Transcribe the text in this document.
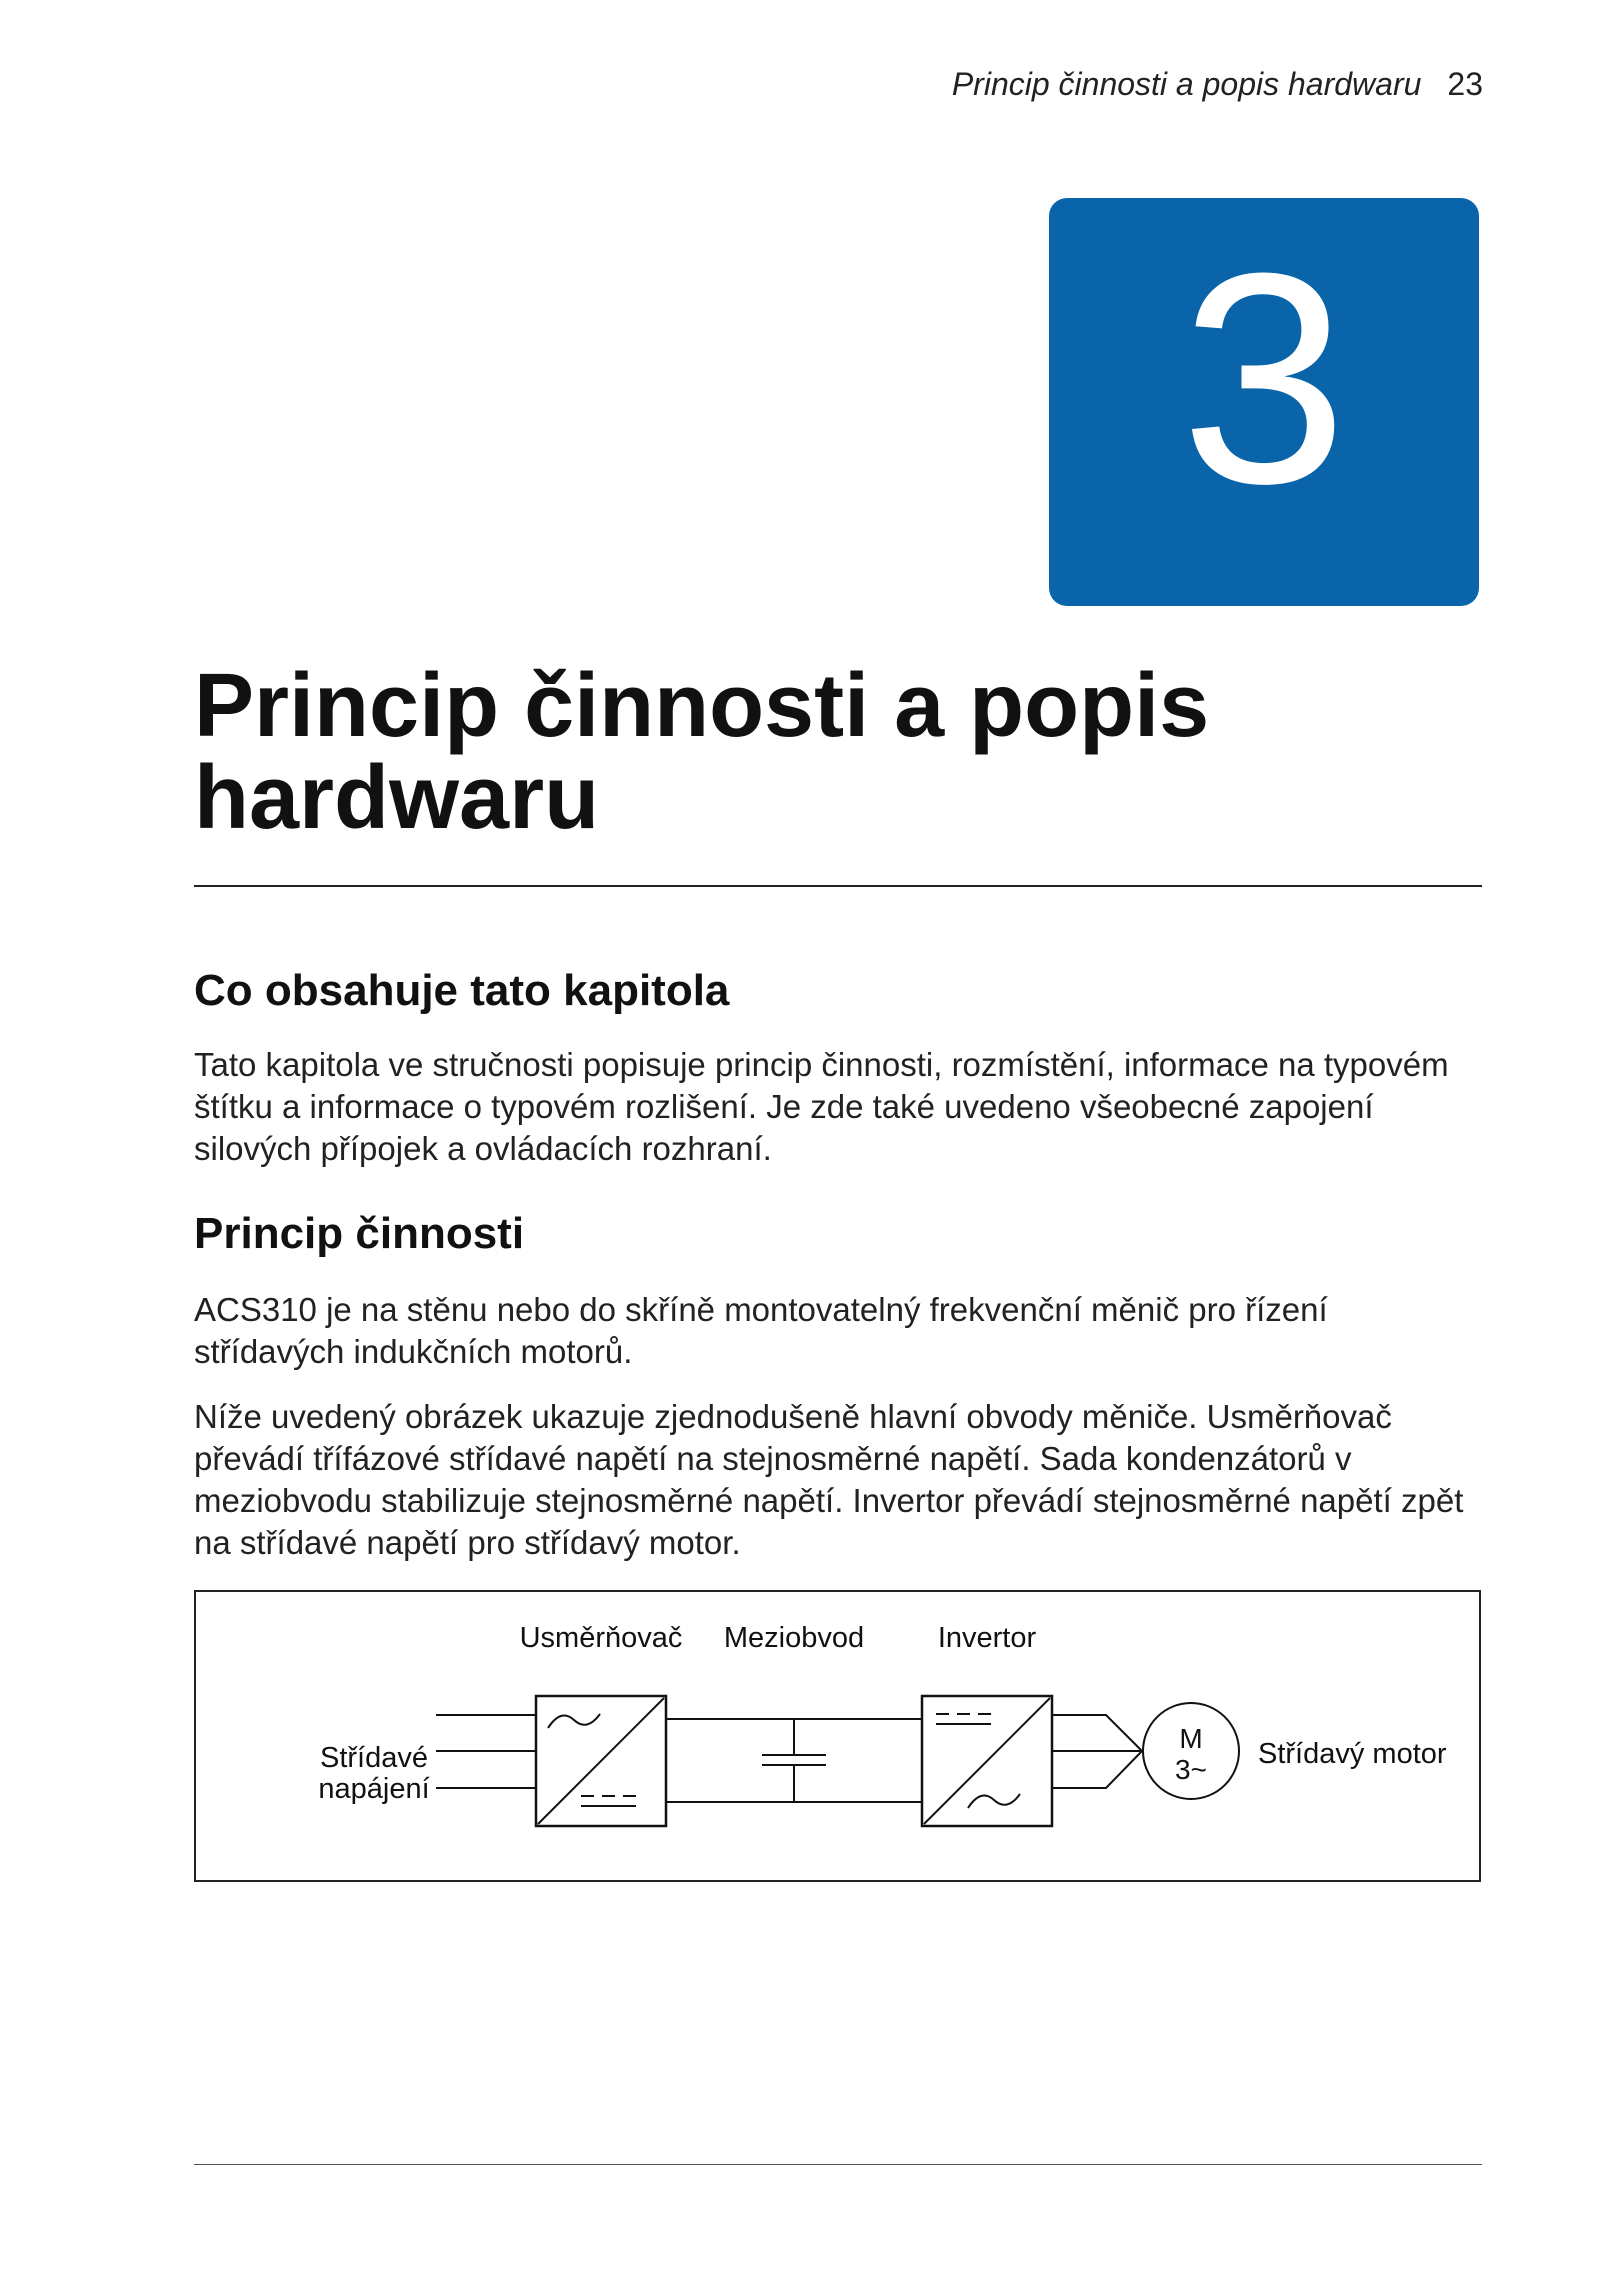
Princip činnosti a popis hardwaru 23
3
Princip činnosti a popis hardwaru
Co obsahuje tato kapitola

Tato kapitola ve stručnosti popisuje princip činnosti, rozmístění, informace na typovém štítku a informace o typovém rozlišení. Je zde také uvedeno všeobecné zapojení silových přípojek a ovládacích rozhraní.

Princip činnosti

ACS310 je na stěnu nebo do skříně montovatelný frekvenční měnič pro řízení střídavých indukčních motorů.

Níže uvedený obrázek ukazuje zjednodušeně hlavní obvody měniče. Usměrňovač převádí třífázové střídavé napětí na stejnosměrné napětí. Sada kondenzátorů v meziobvodu stabilizuje stejnosměrné napětí. Invertor převádí stejnosměrné napětí zpět na střídavé napětí pro střídavý motor.

Usměrňovač Meziobvod	Invertor
Střídavé
napájení
M
3~ Střídavý motor
